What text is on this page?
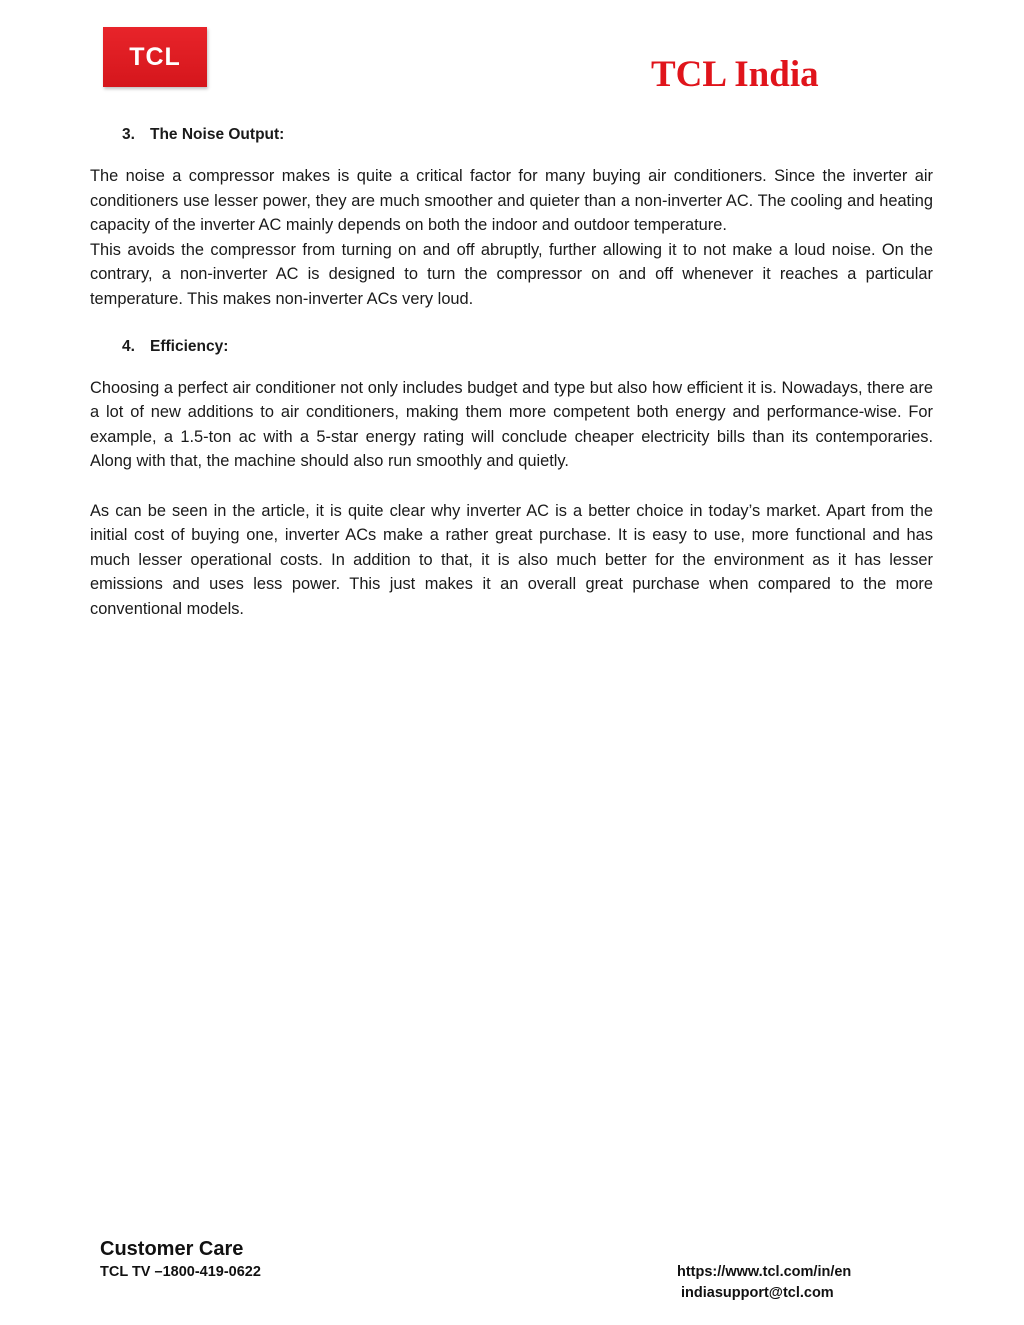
TCL	TCL India
3. The Noise Output:

The noise a compressor makes is quite a critical factor for many buying air conditioners. Since the inverter air conditioners use lesser power, they are much smoother and quieter than a non-inverter AC. The cooling and heating capacity of the inverter AC mainly depends on both the indoor and outdoor temperature.

This avoids the compressor from turning on and off abruptly, further allowing it to not make a loud noise. On the contrary, a non-inverter AC is designed to turn the compressor on and off whenever it reaches a particular temperature. This makes non-inverter ACs very loud.

4. Efficiency:

Choosing a perfect air conditioner not only includes budget and type but also how efficient it is. Nowadays, there are a lot of new additions to air conditioners, making them more competent both energy and performance-wise. For example, a 1.5-ton ac with a 5-star energy rating will conclude cheaper electricity bills than its contemporaries. Along with that, the machine should also run smoothly and quietly.

As can be seen in the article, it is quite clear why inverter AC is a better choice in today’s market. Apart from the initial cost of buying one, inverter ACs make a rather great purchase. It is easy to use, more functional and has much lesser operational costs. In addition to that, it is also much better for the environment as it has lesser emissions and uses less power. This just makes it an overall great purchase when compared to the more conventional models.

Customer Care
TCL TV –1800-419-0622	https://www.tcl.com/in/en
indiasupport@tcl.com
